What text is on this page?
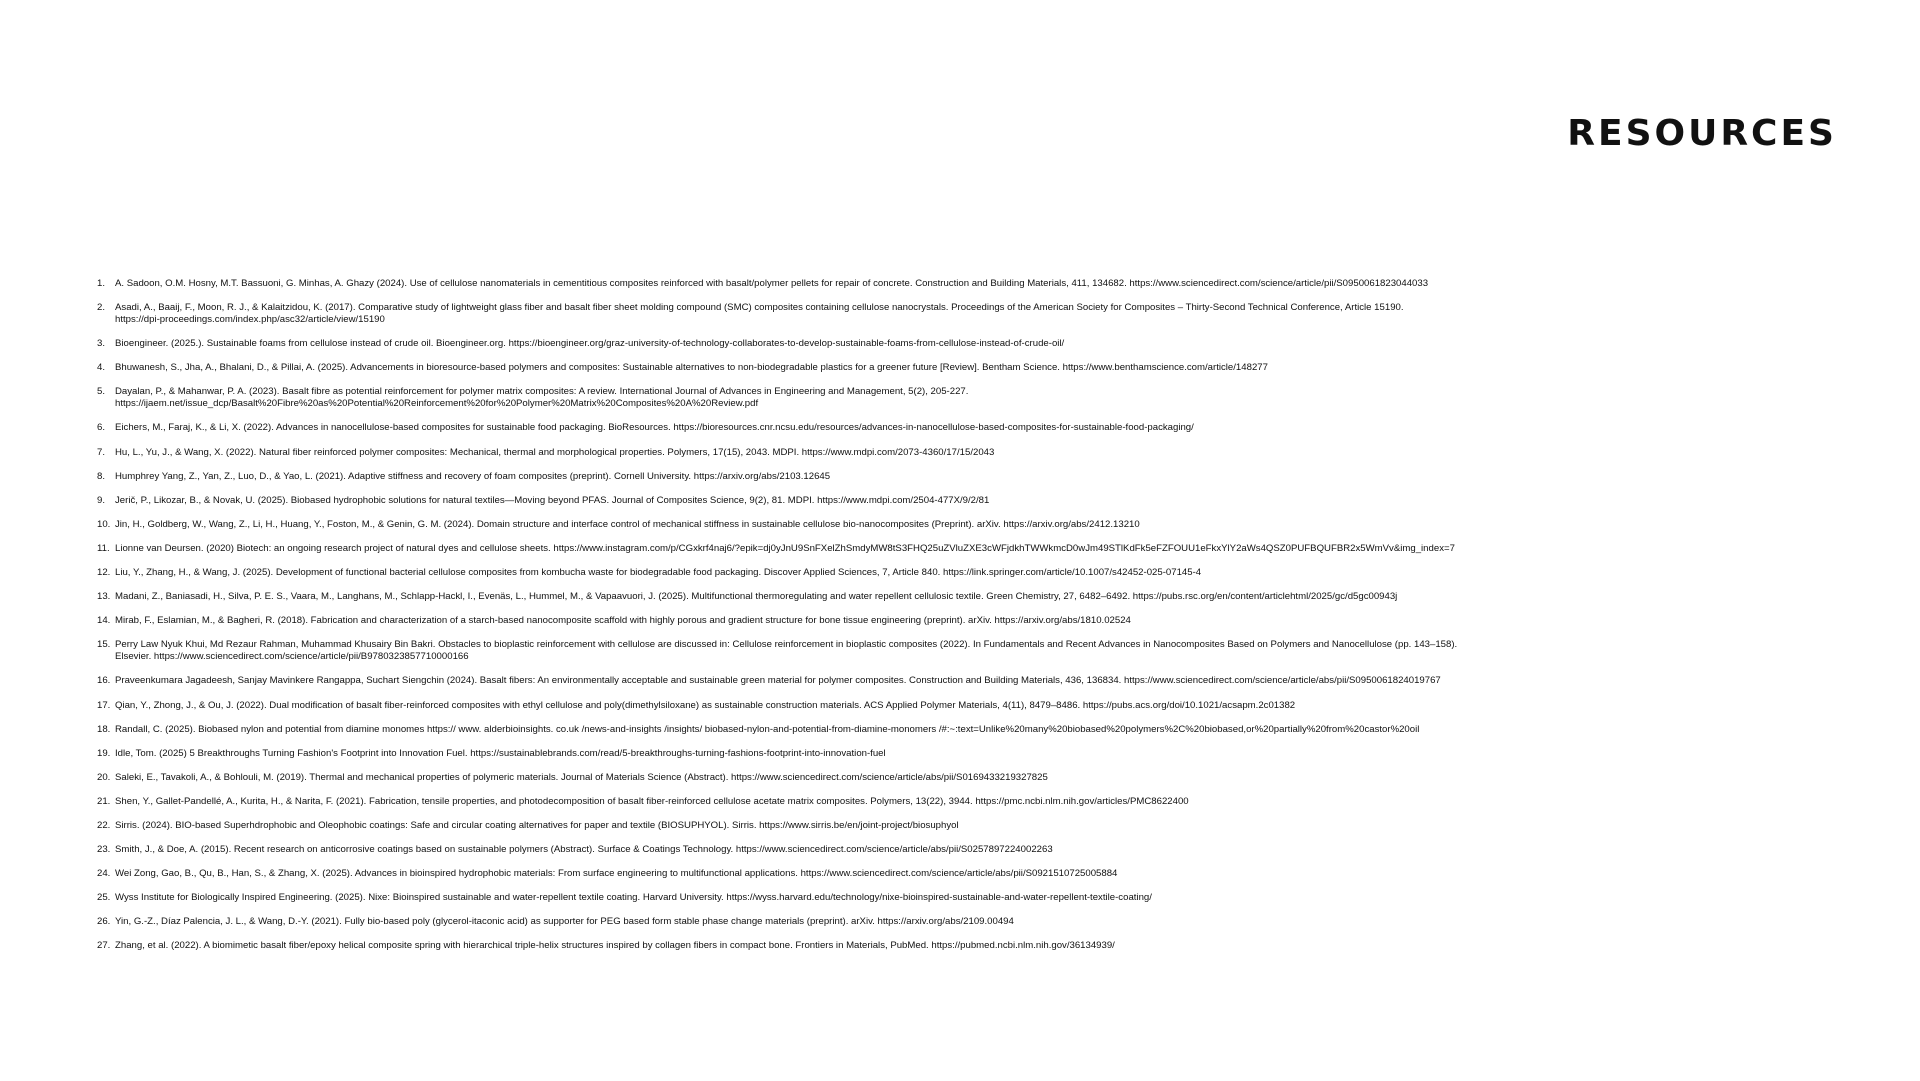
RESOURCES
1.	A. Sadoon, O.M. Hosny, M.T. Bassuoni, G. Minhas, A. Ghazy (2024). Use of cellulose nanomaterials in cementitious composites reinforced with basalt/polymer pellets for repair of concrete. Construction and Building Materials, 411, 134682. https://www.sciencedirect.com/science/article/pii/S0950061823044033
2.	Asadi, A., Baaij, F., Moon, R. J., & Kalaitzidou, K. (2017). Comparative study of lightweight glass fiber and basalt fiber sheet molding compound (SMC) composites containing cellulose nanocrystals. Proceedings of the American Society for Composites – Thirty-Second Technical Conference, Article 15190.
https://dpi-proceedings.com/index.php/asc32/article/view/15190
3.	Bioengineer. (2025.). Sustainable foams from cellulose instead of crude oil. Bioengineer.org. https://bioengineer.org/graz-university-of-technology-collaborates-to-develop-sustainable-foams-from-cellulose-instead-of-crude-oil/
4.	Bhuwanesh, S., Jha, A., Bhalani, D., & Pillai, A. (2025). Advancements in bioresource-based polymers and composites: Sustainable alternatives to non-biodegradable plastics for a greener future [Review]. Bentham Science. https://www.benthamscience.com/article/148277
5.	Dayalan, P., & Mahanwar, P. A. (2023). Basalt fibre as potential reinforcement for polymer matrix composites: A review. International Journal of Advances in Engineering and Management, 5(2), 205-227.
https://ijaem.net/issue_dcp/Basalt%20Fibre%20as%20Potential%20Reinforcement%20for%20Polymer%20Matrix%20Composites%20A%20Review.pdf
6.	Eichers, M., Faraj, K., & Li, X. (2022). Advances in nanocellulose-based composites for sustainable food packaging. BioResources. https://bioresources.cnr.ncsu.edu/resources/advances-in-nanocellulose-based-composites-for-sustainable-food-packaging/
7.	Hu, L., Yu, J., & Wang, X. (2022). Natural fiber reinforced polymer composites: Mechanical, thermal and morphological properties. Polymers, 17(15), 2043. MDPI. https://www.mdpi.com/2073-4360/17/15/2043
8.	Humphrey Yang, Z., Yan, Z., Luo, D., & Yao, L. (2021). Adaptive stiffness and recovery of foam composites (preprint). Cornell University. https://arxiv.org/abs/2103.12645
9.	Jerič, P., Likozar, B., & Novak, U. (2025). Biobased hydrophobic solutions for natural textiles—Moving beyond PFAS. Journal of Composites Science, 9(2), 81. MDPI. https://www.mdpi.com/2504-477X/9/2/81
10. Jin, H., Goldberg, W., Wang, Z., Li, H., Huang, Y., Foston, M., & Genin, G. M. (2024). Domain structure and interface control of mechanical stiffness in sustainable cellulose bio-nanocomposites (Preprint). arXiv. https://arxiv.org/abs/2412.13210
11. Lionne van Deursen. (2020) Biotech: an ongoing research project of natural dyes and cellulose sheets. https://www.instagram.com/p/CGxkrf4naj6/?epik=dj0yJnU9SnFXelZhSmdyMW8tS3FHQ25uZVluZXE3cWFjdkhTWWkmcD0wJm49STlKdFk5eFZFOUU1eFkxYlY2aWs4QSZ0PUFBQUFBR2x5WmVv&img_index=7
12. Liu, Y., Zhang, H., & Wang, J. (2025). Development of functional bacterial cellulose composites from kombucha waste for biodegradable food packaging. Discover Applied Sciences, 7, Article 840. https://link.springer.com/article/10.1007/s42452-025-07145-4
13. Madani, Z., Baniasadi, H., Silva, P. E. S., Vaara, M., Langhans, M., Schlapp-Hackl, I., Evenäs, L., Hummel, M., & Vapaavuori, J. (2025). Multifunctional thermoregulating and water repellent cellulosic textile. Green Chemistry, 27, 6482–6492. https://pubs.rsc.org/en/content/articlehtml/2025/gc/d5gc00943j
14. Mirab, F., Eslamian, M., & Bagheri, R. (2018). Fabrication and characterization of a starch-based nanocomposite scaffold with highly porous and gradient structure for bone tissue engineering (preprint). arXiv. https://arxiv.org/abs/1810.02524
15. Perry Law Nyuk Khui, Md Rezaur Rahman, Muhammad Khusairy Bin Bakri. Obstacles to bioplastic reinforcement with cellulose are discussed in: Cellulose reinforcement in bioplastic composites (2022). In Fundamentals and Recent Advances in Nanocomposites Based on Polymers and Nanocellulose (pp. 143–158).
Elsevier. https://www.sciencedirect.com/science/article/pii/B9780323857710000166
16. Praveenkumara Jagadeesh, Sanjay Mavinkere Rangappa, Suchart Siengchin (2024). Basalt fibers: An environmentally acceptable and sustainable green material for polymer composites. Construction and Building Materials, 436, 136834. https://www.sciencedirect.com/science/article/abs/pii/S0950061824019767
17. Qian, Y., Zhong, J., & Ou, J. (2022). Dual modification of basalt fiber-reinforced composites with ethyl cellulose and poly(dimethylsiloxane) as sustainable construction materials. ACS Applied Polymer Materials, 4(11), 8479–8486. https://pubs.acs.org/doi/10.1021/acsapm.2c01382
18. Randall, C. (2025). Biobased nylon and potential from diamine monomes https:// www. alderbioinsights. co.uk /news-and-insights /insights/ biobased-nylon-and-potential-from-diamine-monomers /#:~:text=Unlike%20many%20biobased%20polymers%2C%20biobased,or%20partially%20from%20castor%20oil
19. Idle, Tom. (2025) 5 Breakthroughs Turning Fashion's Footprint into Innovation Fuel. https://sustainablebrands.com/read/5-breakthroughs-turning-fashions-footprint-into-innovation-fuel
20. Saleki, E., Tavakoli, A., & Bohlouli, M. (2019). Thermal and mechanical properties of polymeric materials. Journal of Materials Science (Abstract). https://www.sciencedirect.com/science/article/abs/pii/S0169433219327825
21. Shen, Y., Gallet-Pandellé, A., Kurita, H., & Narita, F. (2021). Fabrication, tensile properties, and photodecomposition of basalt fiber-reinforced cellulose acetate matrix composites. Polymers, 13(22), 3944. https://pmc.ncbi.nlm.nih.gov/articles/PMC8622400
22. Sirris. (2024). BIO-based Superhdrophobic and Oleophobic coatings: Safe and circular coating alternatives for paper and textile (BIOSUPHYOL). Sirris. https://www.sirris.be/en/joint-project/biosuphyol
23. Smith, J., & Doe, A. (2015). Recent research on anticorrosive coatings based on sustainable polymers (Abstract). Surface & Coatings Technology. https://www.sciencedirect.com/science/article/abs/pii/S0257897224002263
24. Wei Zong, Gao, B., Qu, B., Han, S., & Zhang, X. (2025). Advances in bioinspired hydrophobic materials: From surface engineering to multifunctional applications. https://www.sciencedirect.com/science/article/abs/pii/S0921510725005884
25. Wyss Institute for Biologically Inspired Engineering. (2025). Nixe: Bioinspired sustainable and water-repellent textile coating. Harvard University. https://wyss.harvard.edu/technology/nixe-bioinspired-sustainable-and-water-repellent-textile-coating/
26. Yin, G.-Z., Díaz Palencia, J. L., & Wang, D.-Y. (2021). Fully bio-based poly (glycerol-itaconic acid) as supporter for PEG based form stable phase change materials (preprint). arXiv. https://arxiv.org/abs/2109.00494
27. Zhang, et al. (2022). A biomimetic basalt fiber/epoxy helical composite spring with hierarchical triple-helix structures inspired by collagen fibers in compact bone. Frontiers in Materials, PubMed. https://pubmed.ncbi.nlm.nih.gov/36134939/
